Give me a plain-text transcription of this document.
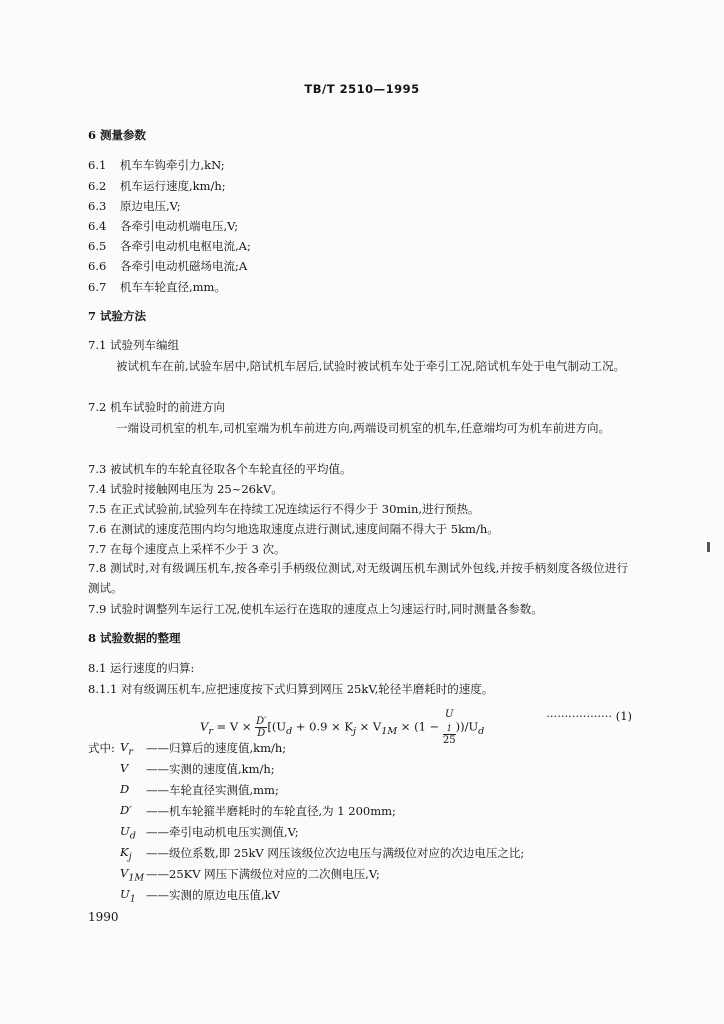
TB/T 2510—1995
6 测量参数
6.1 机车车钩牵引力,kN;
6.2 机车运行速度,km/h;
6.3 原边电压,V;
6.4 各牵引电动机端电压,V;
6.5 各牵引电动机电枢电流,A;
6.6 各牵引电动机磁场电流;A
6.7 机车车轮直径,mm。
7 试验方法
7.1 试验列车编组
被试机车在前,试验车居中,陪试机车居后,试验时被试机车处于牵引工况,陪试机车处于电气制动工况。
7.2 机车试验时的前进方向
一端设司机室的机车,司机室端为机车前进方向,两端设司机室的机车,任意端均可为机车前进方向。
7.3 被试机车的车轮直径取各个车轮直径的平均值。
7.4 试验时接触网电压为 25~26kV。
7.5 在正式试验前,试验列车在持续工况连续运行不得少于 30min,进行预热。
7.6 在测试的速度范围内均匀地选取速度点进行测试,速度间隔不得大于 5km/h。
7.7 在每个速度点上采样不少于 3 次。
7.8 测试时,对有级调压机车,按各牵引手柄级位测试,对无级调压机车测试外包线,并按手柄刻度各级位进行测试。
7.9 试验时调整列车运行工况,使机车运行在选取的速度点上匀速运行时,同时测量各参数。
8 试验数据的整理
8.1 运行速度的归算:
8.1.1 对有级调压机车,应把速度按下式归算到网压 25kV,轮径半磨耗时的速度。
$V_r = V \times \frac{D'}{D} [(U_d + 0.9 \times K_j \times V_{1M} \times (1 - U$
$_1$
25 ))$/U_d$
·················· (1)
式中: $V_r$ ——归算后的速度值,km/h;
V ——实测的速度值,km/h;
D ——车轮直径实测值,mm;
D′ ——机车轮箍半磨耗时的车轮直径,为 1 200mm;
$U_d$ ——牵引电动机电压实测值,V;
$K_j$ ——级位系数,即 25kV 网压该级位次边电压与满级位对应的次边电压之比;
$V_{1M}$ ——25KV 网压下满级位对应的二次侧电压,V;
$U_1$ ——实测的原边电压值,kV
1990
